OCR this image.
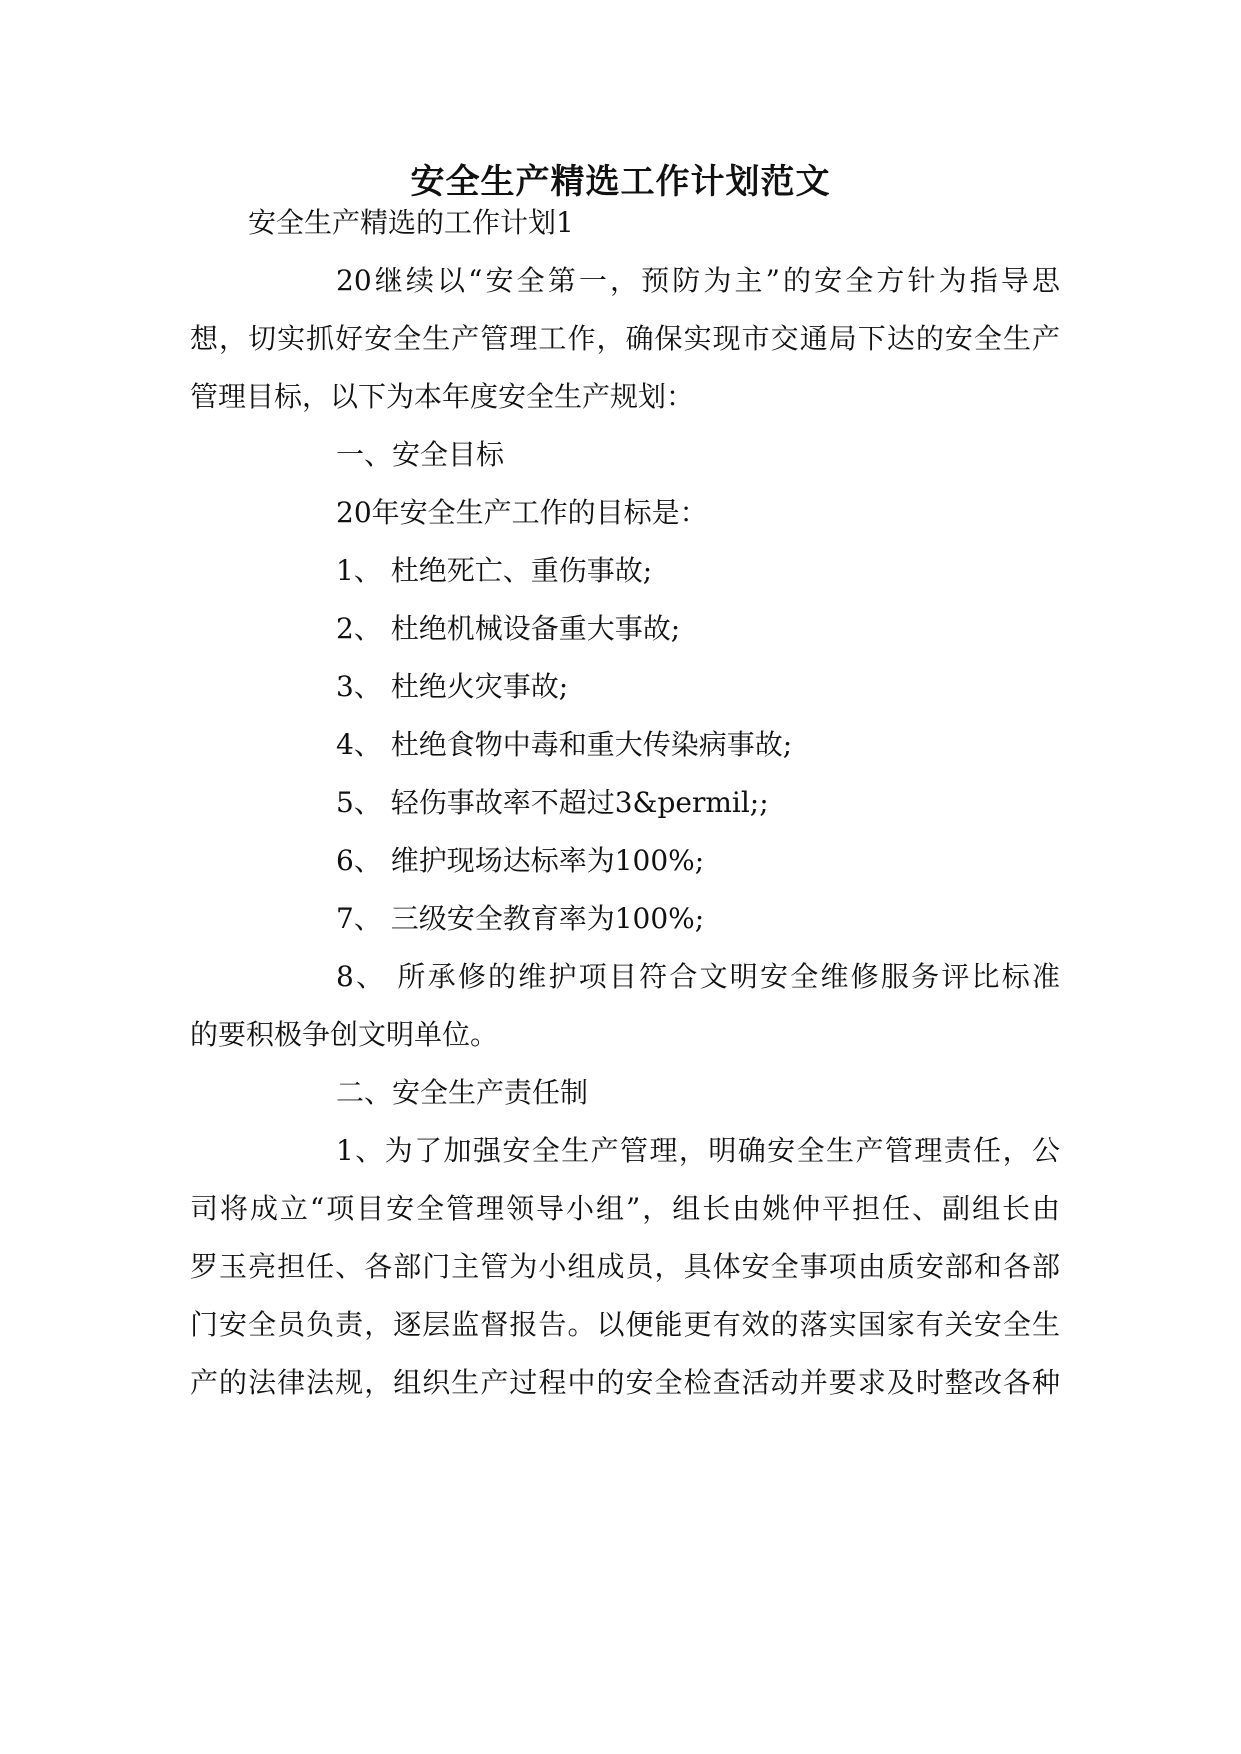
安全生产精选工作计划范文
安全生产精选的工作计划1
20继续以“安全第一，预防为主”的安全方针为指导思
想，切实抓好安全生产管理工作，确保实现市交通局下达的安全生产
管理目标，以下为本年度安全生产规划：
一、安全目标
20年安全生产工作的目标是：
1、 杜绝死亡、重伤事故;
2、 杜绝机械设备重大事故;
3、 杜绝火灾事故;
4、 杜绝食物中毒和重大传染病事故;
5、 轻伤事故率不超过3&permil;;
6、 维护现场达标率为100%;
7、 三级安全教育率为100%;
8、 所承修的维护项目符合文明安全维修服务评比标准
的要积极争创文明单位。
二、安全生产责任制
1、为了加强安全生产管理，明确安全生产管理责任，公
司将成立“项目安全管理领导小组”，组长由姚仲平担任、副组长由
罗玉亮担任、各部门主管为小组成员，具体安全事项由质安部和各部
门安全员负责，逐层监督报告。以便能更有效的落实国家有关安全生
产的法律法规，组织生产过程中的安全检查活动并要求及时整改各种
